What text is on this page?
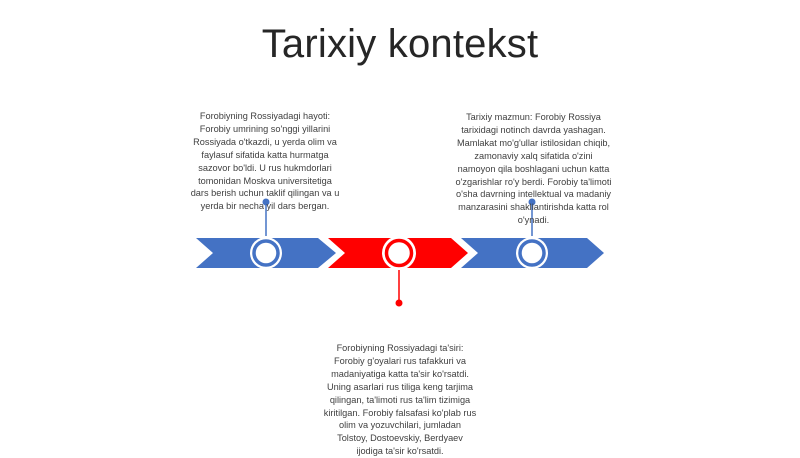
Tarixiy kontekst
Forobiyning Rossiyadagi hayoti: Forobiy umrining so'nggi yillarini Rossiyada o'tkazdi, u yerda olim va faylasuf sifatida katta hurmatga sazovor bo'ldi. U rus hukmdorlari tomonidan Moskva universitetiga dars berish uchun taklif qilingan va u yerda bir necha yil dars bergan.
Tarixiy mazmun: Forobiy Rossiya tarixidagi notinch davrda yashagan. Mamlakat mo'g'ullar istilosidan chiqib, zamonaviy xalq sifatida o'zini namoyon qila boshlagani uchun katta o'zgarishlar ro'y berdi. Forobiy ta'limoti o'sha davrning intellektual va madaniy manzarasini shakllantirishda katta rol o'ynadi.
Forobiyning Rossiyadagi ta'siri: Forobiy g'oyalari rus tafakkuri va madaniyatiga katta ta'sir ko'rsatdi. Uning asarlari rus tiliga keng tarjima qilingan, ta'limoti rus ta'lim tizimiga kiritilgan. Forobiy falsafasi ko'plab rus olim va yozuvchilari, jumladan Tolstoy, Dostoevskiy, Berdyaev ijodiga ta'sir ko'rsatdi.
